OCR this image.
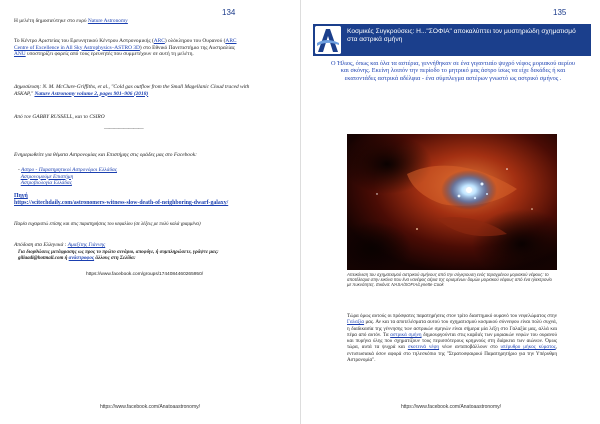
134
Η μελέτη δημοσιεύτηκε στο ευρύ Nature Astronomy
Το Κέντρο Αριστείας του Ερευνητικού Κέντρου Αστρονομικής (ARC) ολόκληρου του Ουρανού (ARC Centre of Excellence in All Sky Astrophysics–ASTRO 3D) στο Εθνικό Πανεπιστήμιο της Αυστραλίας ANU υποστηρίζει φορείς από τους ερευνητές που συμμετέχουν σε αυτή τη μελέτη.
Δημοσίευση: N. M. McClure-Griffiths, et al., "Cold gas outflow from the Small Magellanic Cloud traced with ASKAP," Nature Astronomy volume 2, pages 901–906 (2018)
Από τον GABBY RUSSELL, και το CSIRO
————————
Ενημερωθείτε για θέματα Αστρονομίας και Επιστήμης στις ομάδες μας στο Facebook:
- Αστρο - Παρατηρητικοί Αστρονόμοι Ελλάδας
Αστρονομούμε Επιστήμη
Αστροβιολογία Ελλάδας
Πηγή
https://scitechdaily.com/astronomers-witness-slow-death-of-neighboring-dwarf-galaxy/
Παρέα ευχαριστώ επίσης και στις παρατηρήσεις του κεφαλίου (σε λέξεις με πολύ καλά γραμμένα)
Απόδοση στα Ελληνικά : Αμαξίτης Γιάννης
Για διορθώσεις μετάφρασης ως προς το πρώτο σενάριο, αποφύγε, ή συμπληρώσετε, γράψτε μας: giliaadi@hotmail.com ή ανάστροφος άλλους στη Σελίδα:
https://www.facebook.com/groups/1744084460265950/
https://www.facebook.com/Anatoaastronomy/
135
Κοσμικές Συγκρούσεις: Η..."ΣΟΦΙΑ" αποκαλύπτει τον μυστηριώδη σχηματισμό στα αστρικά σμήνη
Ο Ήλιος, όπως και όλα τα αστέρια, γεννήθηκαν σε ένα γιγαντιαίο ψυχρό νέφος μοριακού αερίου και σκόνης. Εκείνη λοιπόν την περίοδο το μητρικό μας άστρο ίσως να είχε δεκάδες ή και εκατοντάδες αστρικά αδέλφια - ένα σύμπλεγμα αστέρων γνωστό ως αστρικό σμήνος .
Απεικόνιση του σχηματισμού αστρικού σμήνους από την σύγκρουση ενός ταραγμένου μοριακού νέφους: το αποτέλεσμα στην εικόνα που ένα νανέφος αέρια της ορισμένων δομών μοριακού νέφους από ένα ηλεκτρονίο με πυκνότητες. Εικόνα: NASA/SOFIA/Lynette Cook
Τώρα όμως αυτούς οι πρόσφατες παρατηρήσεις στον τρίτο διαστημικό ουρανό του νεφελώματος στην Γαλαξία μας. Αν και τα αποτελέσματα αυτού του σχηματισμού κοσμικού σύννεφου είναι πολύ συχνά, η διαδικασία της γέννησης των αστρικών σμηνών είναι σήμερα μία λέξη στο Γαλαξία μας, αλλά και πέρα από αυτόν. Τα αστρικά σμήνη δημιουργούνται στις καρδιές των μοριακών νεφών του ουρανού και πυρήνα ύλης που σχηματίζουν τους περισσότερους κρημνούς στη διάρκεια των αιώνων. Όμως τώρα, αυτά τα ψυχρά και σκοτεινά νέφη νέων ανταποβάλλουν στο υπέρυθρο μήκος κύματος, εντυπωσιακά όσον αφορά στο τηλεσκόπιο της "Στρατοσφαιρικό Παρατηρητήριο για την Υπέρυθρη Αστρονομία".
https://www.facebook.com/Anatoaastronomy/
